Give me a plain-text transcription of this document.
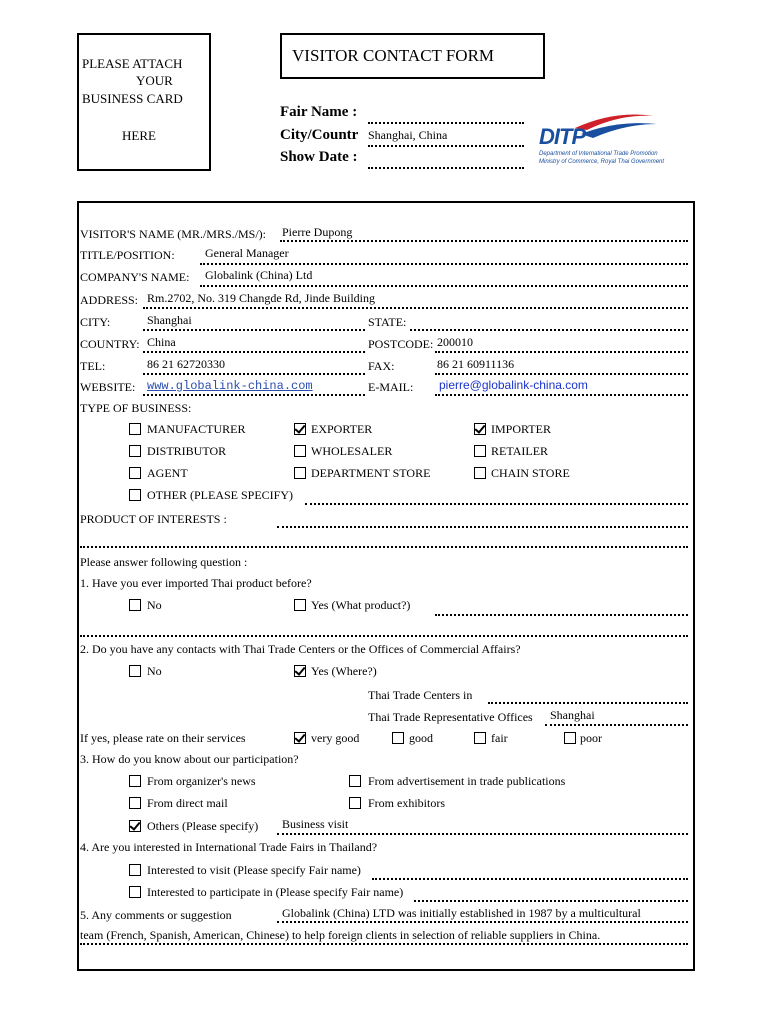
PLEASE ATTACH
YOUR
BUSINESS CARD
HERE
VISITOR CONTACT FORM
Fair Name :
City/Countr Shanghai, China
Show Date :
DITP
Department of International Trade Promotion
Ministry of Commerce, Royal Thai Government
VISITOR'S NAME (MR./MRS./MS/): Pierre Dupong
TITLE/POSITION:	General Manager
COMPANY'S NAME: Globalink (China) Ltd
ADDRESS: Rm.2702, No. 319 Changde Rd, Jinde Building
CITY:	Shanghai	STATE:
COUNTRY: China	POSTCODE: 200010
TEL:	86 21 62720330	FAX:	86 21 60911136
WEBSITE: www.globalink-china.com	E-MAIL: pierre@globalink-china.com
TYPE OF BUSINESS:
MANUFACTURER	EXPORTER	IMPORTER
DISTRIBUTOR	WHOLESALER	RETAILER
AGENT	DEPARTMENT STORE	CHAIN STORE
OTHER (PLEASE SPECIFY)
PRODUCT OF INTERESTS :
Please answer following question :
1. Have you ever imported Thai product before?
No	Yes (What product?)
2. Do you have any contacts with Thai Trade Centers or the Offices of Commercial Affairs?
No	Yes (Where?)
Thai Trade Centers in
Thai Trade Representative Offices Shanghai
If yes, please rate on their services	very good	good	fair	poor
3. How do you know about our participation?
From organizer's news	From advertisement in trade publications
From direct mail	From exhibitors
Others (Please specify) Business visit
4. Are you interested in International Trade Fairs in Thailand?
Interested to visit (Please specify Fair name)
Interested to participate in (Please specify Fair name)
5. Any comments or suggestion	Globalink (China) LTD was initially established in 1987 by a multicultural
team (French, Spanish, American, Chinese) to help foreign clients in selection of reliable suppliers in China.
